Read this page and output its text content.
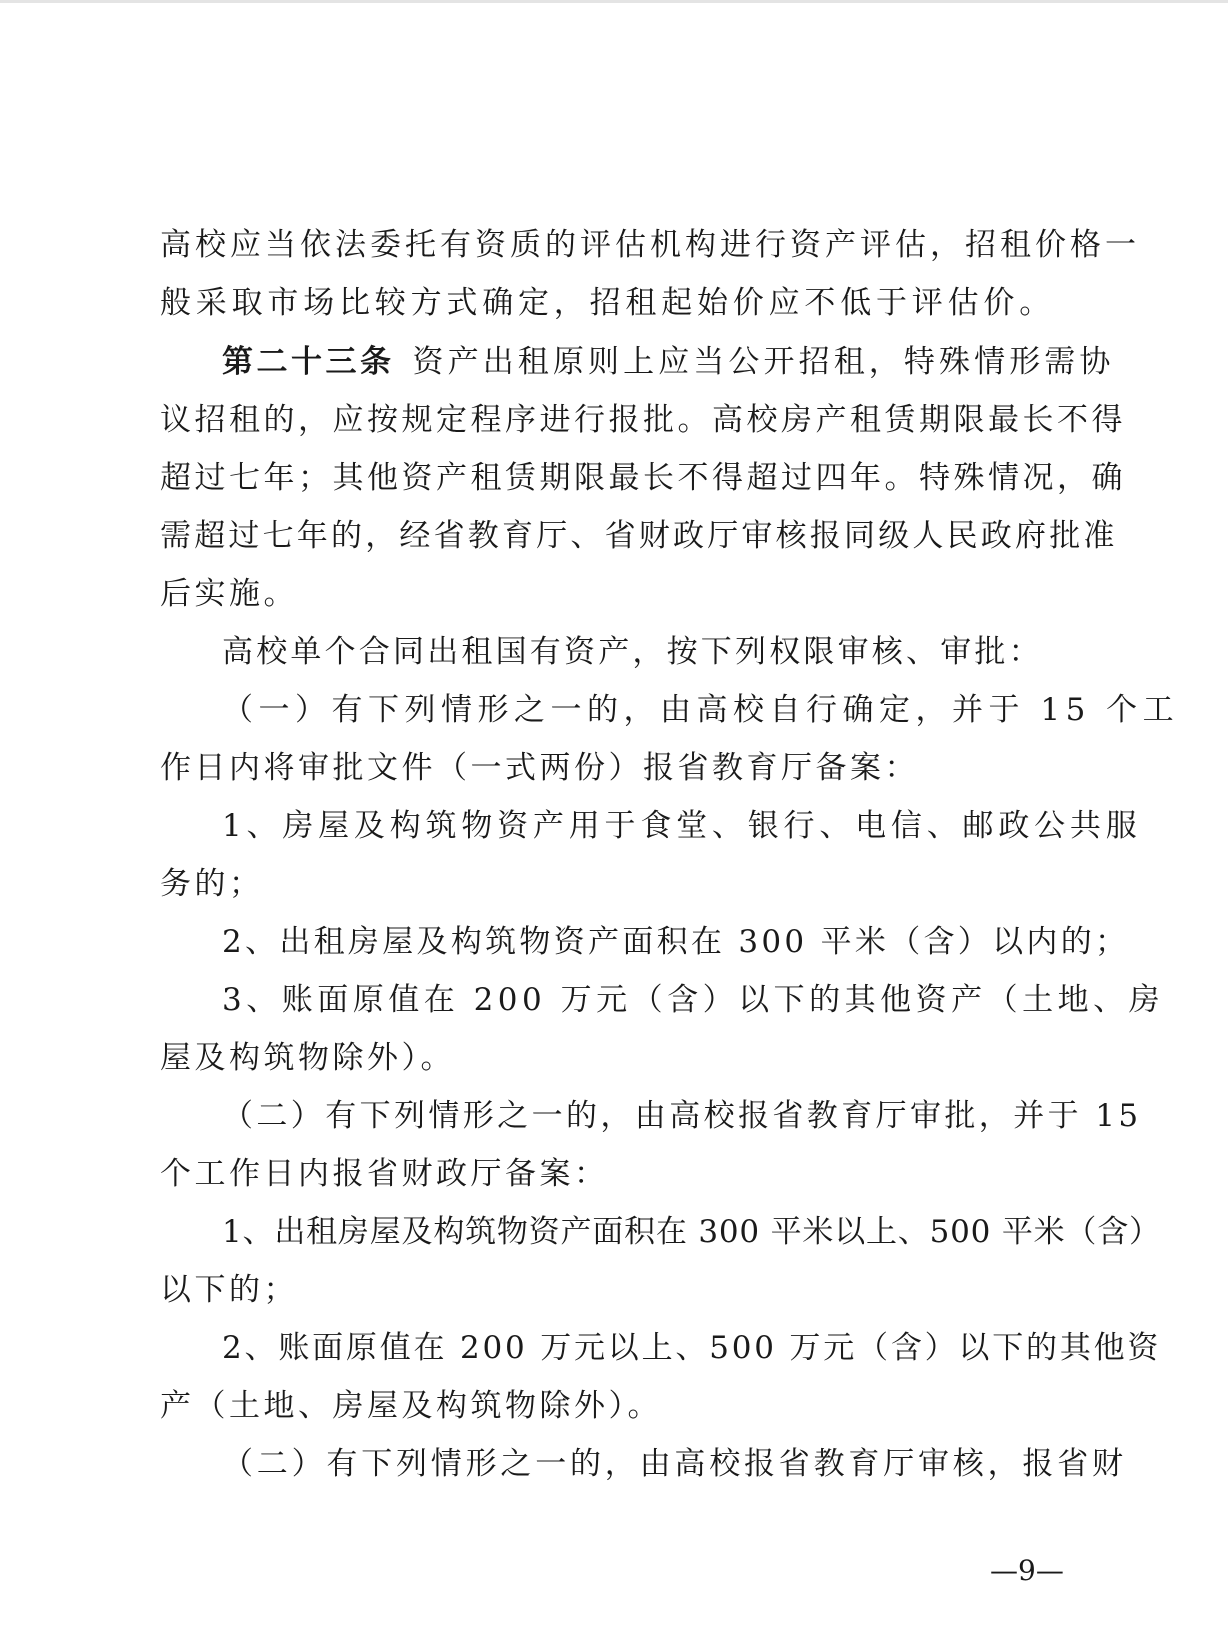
高校应当依法委托有资质的评估机构进行资产评估，招租价格一
般采取市场比较方式确定，招租起始价应不低于评估价。
第二十三条 资产出租原则上应当公开招租，特殊情形需协
议招租的，应按规定程序进行报批。高校房产租赁期限最长不得
超过七年；其他资产租赁期限最长不得超过四年。特殊情况，确
需超过七年的，经省教育厅、省财政厅审核报同级人民政府批准
后实施。
高校单个合同出租国有资产，按下列权限审核、审批：
（一）有下列情形之一的，由高校自行确定，并于 15 个工
作日内将审批文件（一式两份）报省教育厅备案：
1、房屋及构筑物资产用于食堂、银行、电信、邮政公共服
务的；
2、出租房屋及构筑物资产面积在 300 平米（含）以内的；
3、账面原值在 200 万元（含）以下的其他资产（土地、房
屋及构筑物除外）。
（二）有下列情形之一的，由高校报省教育厅审批，并于 15
个工作日内报省财政厅备案：
1、出租房屋及构筑物资产面积在 300 平米以上、500 平米（含）
以下的；
2、账面原值在 200 万元以上、500 万元（含）以下的其他资
产（土地、房屋及构筑物除外）。
（二）有下列情形之一的，由高校报省教育厅审核，报省财
—9—
